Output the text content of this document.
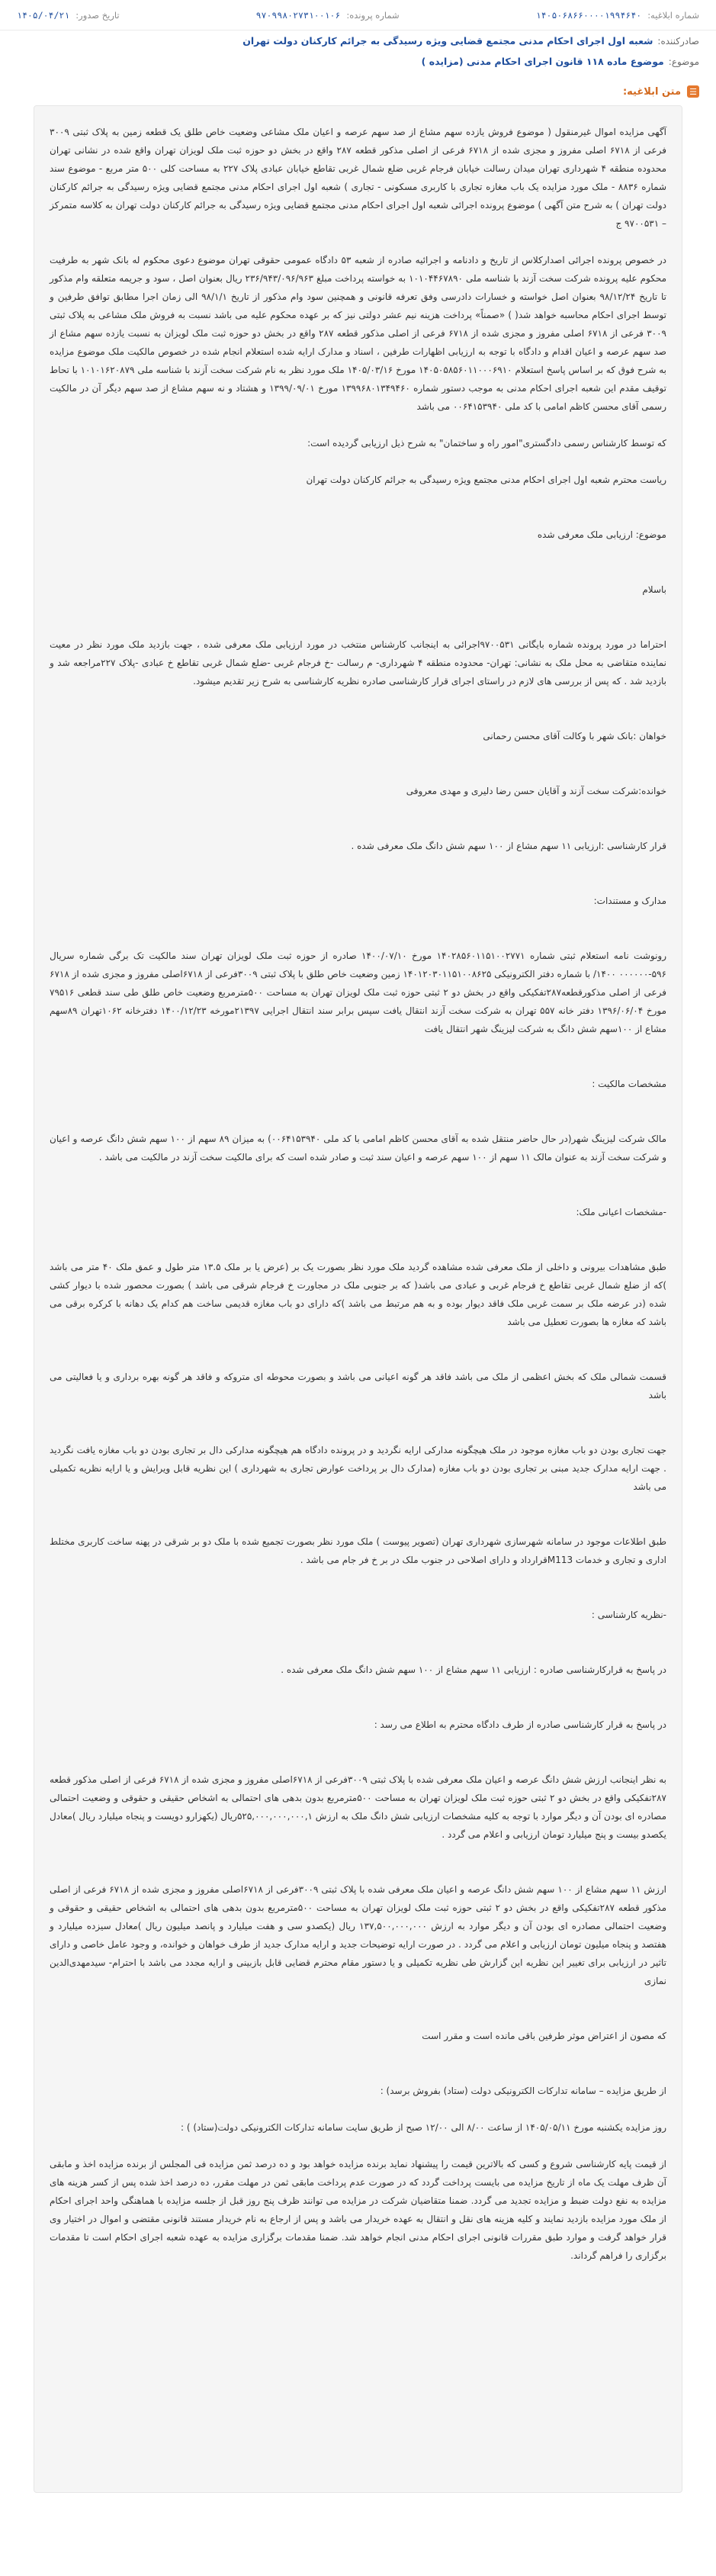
شماره ابلاغیه:
۱۴۰۵۰۶۸۶۶۰۰۰۰۱۹۹۴۶۴۰
شماره پرونده:
۹۷۰۹۹۸۰۲۷۳۱۰۰۱۰۶
تاریخ صدور:
۱۴۰۵/۰۴/۲۱
صادرکننده:
شعبه اول اجرای احکام مدنی مجتمع قضایی ویژه رسیدگی به جرائم کارکنان دولت تهران
موضوع:
موضوع ماده ۱۱۸ قانون اجرای احکام مدنی (مزایده )
☰
متن ابلاغیه:

آگهی مزایده اموال غیرمنقول ( موضوع فروش یازده سهم مشاع از صد سهم عرصه و اعیان ملک مشاعی وضعیت خاص طلق یک قطعه زمین به پلاک ثبتی ۳۰۰۹ فرعی از ۶۷۱۸ اصلی مفروز و مجزی شده از ۶۷۱۸ فرعی از اصلی مذکور قطعه ۲۸۷ واقع در بخش دو حوزه ثبت ملک لویزان تهران واقع شده در نشانی تهران محدوده منطقه ۴ شهرداری تهران میدان رسالت خیابان فرجام غربی ضلع شمال غربی تقاطع خیابان عبادی پلاک ۲۲۷ به مساحت کلی ۵۰۰ متر مربع - موضوع سند شماره ۸۸۳۶ - ملک مورد مزایده یک باب مغازه تجاری با کاربری مسکونی - تجاری ) شعبه اول اجرای احکام مدنی مجتمع قضایی ویژه رسیدگی به جرائم کارکنان دولت تهران ) به شرح متن آگهی ) موضوع پرونده اجرائی شعبه اول اجرای احکام مدنی مجتمع قضایی ویژه رسیدگی به جرائم کارکنان دولت تهران به کلاسه متمرکز – ۹۷۰۰۵۳۱ ج

در خصوص پرونده اجرائی اصدارکلاس از تاریخ و دادنامه و اجرائیه صادره از شعبه ۵۳ دادگاه عمومی حقوقی تهران موضوع دعوی محکوم له بانک شهر به طرفیت محکوم علیه پرونده شرکت سخت آزند با شناسه ملی ۱۰۱۰۴۴۶۷۸۹۰ به خواسته پرداخت مبلغ ۲۳۶/۹۴۳/۰۹۶/۹۶۳ ریال بعنوان اصل ، سود و جریمه متعلقه وام مذکور تا تاریخ ۹۸/۱۲/۲۴ بعنوان اصل خواسته و خسارات دادرسی وفق تعرفه قانونی و همچنین سود وام مذکور از تاریخ ۹۸/۱/۱ الی زمان اجرا مطابق توافق طرفین و توسط اجرای احکام محاسبه خواهد شد( ) «صمناً» پرداخت هزینه نیم عشر دولتی نیز که بر عهده محکوم علیه می باشد نسبت به فروش ملک مشاعی به پلاک ثبتی ۳۰۰۹ فرعی از ۶۷۱۸ اصلی مفروز و مجزی شده از ۶۷۱۸ فرعی از اصلی مذکور قطعه ۲۸۷ واقع در بخش دو حوزه ثبت ملک لویزان به نسبت یازده سهم مشاع از صد سهم عرصه و اعیان اقدام و دادگاه با توجه به ارزیابی اظهارات طرفین ، اسناد و مدارک ارایه شده استعلام انجام شده در خصوص مالکیت ملک موضوع مزایده به شرح فوق که بر اساس پاسخ استعلام ۱۴۰۵۰۵۸۵۶۰۱۱۰۰۰۶۹۱۰ مورخ ۱۴۰۵/۰۳/۱۶ ملک مورد نظر به نام شرکت سخت آزند با شناسه ملی ۱۰۱۰۱۶۲۰۸۷۹ با تحاط توقیف مقدم این شعبه اجرای احکام مدنی به موجب دستور شماره ۱۳۹۹۶۸۰۱۳۴۹۴۶۰ مورخ ۱۳۹۹/۰۹/۰۱ و هشتاد و نه سهم مشاع از صد سهم دیگر آن در مالکیت رسمی آقای محسن کاظم امامی با کد ملی ۰۰۶۴۱۵۳۹۴۰ می باشد

که توسط کارشناس رسمی دادگستری"امور راه و ساختمان" به شرح ذیل ارزیابی گردیده است:

ریاست محترم شعبه اول اجرای احکام مدنی مجتمع ویژه رسیدگی به جرائم کارکنان دولت تهران

موضوع: ارزیابی ملک معرفی شده

باسلام

احتراما در مورد پرونده شماره بایگانی ۹۷۰۰۵۳۱اجرائی به اینجانب کارشناس منتخب در مورد ارزیابی ملک معرفی شده ، جهت بازدید ملک مورد نظر در معیت نماینده متقاضی به محل ملک به نشانی: تهران- محدوده منطقه ۴ شهرداری- م رسالت -خ فرجام غربی -ضلع شمال غربی تقاطع خ عبادی -پلاک ۲۲۷مراجعه شد و بازدید شد . که پس از بررسی های لازم در راستای اجرای قرار کارشناسی صادره نظریه کارشناسی به شرح زیر تقدیم میشود.

خواهان :بانک شهر با وکالت آقای محسن رحمانی

خوانده:شرکت سخت آزند و آقایان حسن رضا دلیری و مهدی معروفی

قرار کارشناسی :ارزیابی ۱۱ سهم مشاع از ۱۰۰ سهم شش دانگ ملک معرفی شده .

مدارک و مستندات:

رونوشت نامه استعلام ثبتی شماره ۱۴۰۲۸۵۶۰۱۱۵۱۰۰۲۷۷۱ مورخ ۱۴۰۰/۰۷/۱۰ صادره از حوزه ثبت ملک لویزان تهران سند مالکیت تک برگی شماره سریال ۵۹۶-۰۰۰۰۰۰ ۱۴۰۰/ با شماره دفتر الکترونیکی ۱۴۰۱۲۰۳۰۱۱۵۱۰۰۸۶۲۵ زمین وضعیت خاص طلق با پلاک ثبتی ۳۰۰۹فرعی از ۶۷۱۸اصلی مفروز و مجزی شده از ۶۷۱۸ فرعی از اصلی مذکورقطعه۲۸۷تفکیکی واقع در بخش دو ۲ ثبتی حوزه ثبت ملک لویزان تهران به مساحت ۵۰۰مترمربع وضعیت خاص طلق طی سند قطعی ۷۹۵۱۶ مورخ ۱۳۹۶/۰۶/۰۴ دفتر خانه ۵۵۷ تهران به شرکت سخت آزند انتقال یافت سپس برابر سند انتقال اجرایی ۲۱۳۹۷مورخه ۱۴۰۰/۱۲/۲۳ دفترخانه ۱۰۶۲تهران ۸۹سهم مشاع از ۱۰۰سهم شش دانگ به شرکت لیزینگ شهر انتقال یافت

مشخصات مالکیت :

مالک شرکت لیزینگ شهر(در حال حاضر منتقل شده به آقای محسن کاظم امامی با کد ملی ۰۰۶۴۱۵۳۹۴۰) به میزان ۸۹ سهم از ۱۰۰ سهم شش دانگ عرصه و اعیان و شرکت سخت آزند به عنوان مالک ۱۱ سهم از ۱۰۰ سهم عرصه و اعیان سند ثبت و صادر شده است که برای مالکیت سخت آزند در مالکیت می باشد .

-مشخصات اعیانی ملک:

طبق مشاهدات بیرونی و داخلی از ملک معرفی شده مشاهده گردید ملک مورد نظر بصورت یک بر (عرض یا بر ملک ۱۳.۵ متر طول و عمق ملک ۴۰ متر می باشد )که از ضلع شمال غربی تقاطع خ فرجام غربی و عبادی می باشد( که بر جنوبی ملک در مجاورت خ فرجام شرقی می باشد ) بصورت محصور شده با دیوار کشی شده (در عرضه ملک بر سمت غربی ملک فاقد دیوار بوده و به هم مرتبط می باشد )که دارای دو باب مغازه قدیمی ساخت هم کدام یک دهانه با کرکره برقی می باشد که مغازه ها بصورت تعطیل می باشد

قسمت شمالی ملک که بخش اعظمی از ملک می باشد فاقد هر گونه اعیانی می باشد و بصورت محوطه ای متروکه و فاقد هر گونه بهره برداری و یا فعالیتی می باشد

جهت تجاری بودن دو باب مغازه موجود در ملک هیچگونه مدارکی ارایه نگردید و در پرونده دادگاه هم هیچگونه مدارکی دال بر تجاری بودن دو باب مغازه یافت نگردید . جهت ارایه مدارک جدید مبنی بر تجاری بودن دو باب مغازه (مدارک دال بر پرداخت عوارض تجاری به شهرداری ) این نظریه قابل ویرایش و یا ارایه نظریه تکمیلی می باشد

طبق اطلاعات موجود در سامانه شهرسازی شهرداری تهران (تصویر پیوست ) ملک مورد نظر بصورت تجمیع شده با ملک دو بر شرقی در پهنه ساخت کاربری مختلط اداری و تجاری و خدمات M113قرارداد و دارای اصلاحی در جنوب ملک در بر خ فر جام می باشد .

-نظریه کارشناسی :

در پاسخ به قرارکارشناسی صادره : ارزیابی ۱۱ سهم مشاع از ۱۰۰ سهم شش دانگ ملک معرفی شده .

در پاسخ به قرار کارشناسی صادره از طرف دادگاه محترم به اطلاع می رسد :

به نظر اینجانب ارزش شش دانگ عرصه و اعیان ملک معرفی شده با پلاک ثبتی ۳۰۰۹فرعی از ۶۷۱۸اصلی مفروز و مجزی شده از ۶۷۱۸ فرعی از اصلی مذکور قطعه ۲۸۷تفکیکی واقع در بخش دو ۲ ثبتی حوزه ثبت ملک لویزان تهران به مساحت ۵۰۰مترمربع بدون بدهی های احتمالی به اشخاص حقیقی و حقوقی و وضعیت احتمالی مصادره ای بودن آن و دیگر موارد با توجه به کلیه مشخصات ارزیابی شش دانگ ملک به ارزش ۵۲۵,۰۰۰,۰۰۰,۰۰۰,۱ریال (یکهزارو دویست و پنجاه میلیارد ریال )معادل یکصدو بیست و پنج میلیارد تومان ارزیابی و اعلام می گردد .

ارزش ۱۱ سهم مشاع از ۱۰۰ سهم شش دانگ عرصه و اعیان ملک معرفی شده با پلاک ثبتی ۳۰۰۹فرعی از ۶۷۱۸اصلی مفروز و مجزی شده از ۶۷۱۸ فرعی از اصلی مذکور قطعه ۲۸۷تفکیکی واقع در بخش دو ۲ ثبتی حوزه ثبت ملک لویزان تهران به مساحت ۵۰۰مترمربع بدون بدهی های احتمالی به اشخاص حقیقی و حقوقی و وضعیت احتمالی مصادره ای بودن آن و دیگر موارد به ارزش ۱۳۷,۵۰۰,۰۰۰,۰۰۰ ریال (یکصدو سی و هفت میلیارد و پانصد میلیون ریال )معادل سیزده میلیارد و هفتصد و پنجاه میلیون تومان ارزیابی و اعلام می گردد . در صورت ارایه توضیحات جدید و ارایه مدارک جدید از طرف خواهان و خوانده، و وجود عامل خاصی و دارای تاثیر در ارزیابی برای تغییر این نظریه این گزارش طی نظریه تکمیلی و یا دستور مقام محترم قضایی قابل بازبینی و ارایه مجدد می باشد با احترام- سیدمهدی‌الدین نمازی

که مصون از اعتراض موثر طرفین باقی مانده است و مقرر است

از طریق مزایده – سامانه تدارکات الکترونیکی دولت (ستاد) بفروش برسد) :

روز مزایده یکشنبه مورخ ۱۴۰۵/۰۵/۱۱ از ساعت ۸/۰۰ الی ۱۲/۰۰ صبح از طریق سایت سامانه تدارکات الکترونیکی دولت(ستاد) ) :

از قیمت پایه کارشناسی شروع و کسی که بالاترین قیمت را پیشنهاد نماید برنده مزایده خواهد بود و ده درصد ثمن مزایده فی المجلس از برنده مزایده اخذ و مابقی آن ظرف مهلت یک ماه از تاریخ مزایده می بایست پرداخت گردد که در صورت عدم پرداخت مابقی ثمن در مهلت مقرر، ده درصد اخذ شده پس از کسر هزینه های مزایده به نفع دولت ضبط و مزایده تجدید می گردد. ضمنا متقاضیان شرکت در مزایده می توانند ظرف پنج روز قبل از جلسه مزایده با هماهنگی واحد اجرای احکام از ملک مورد مزایده بازدید نمایند و کلیه هزینه های نقل و انتقال به عهده خریدار می باشد و پس از ارجاع به نام خریدار مستند قانونی مقتضی و اموال در اختیار وی قرار خواهد گرفت و موارد طبق مقررات قانونی اجرای احکام مدنی انجام خواهد شد. ضمنا مقدمات برگزاری مزایده به عهده شعبه اجرای احکام است تا مقدمات برگزاری را فراهم گرداند.
